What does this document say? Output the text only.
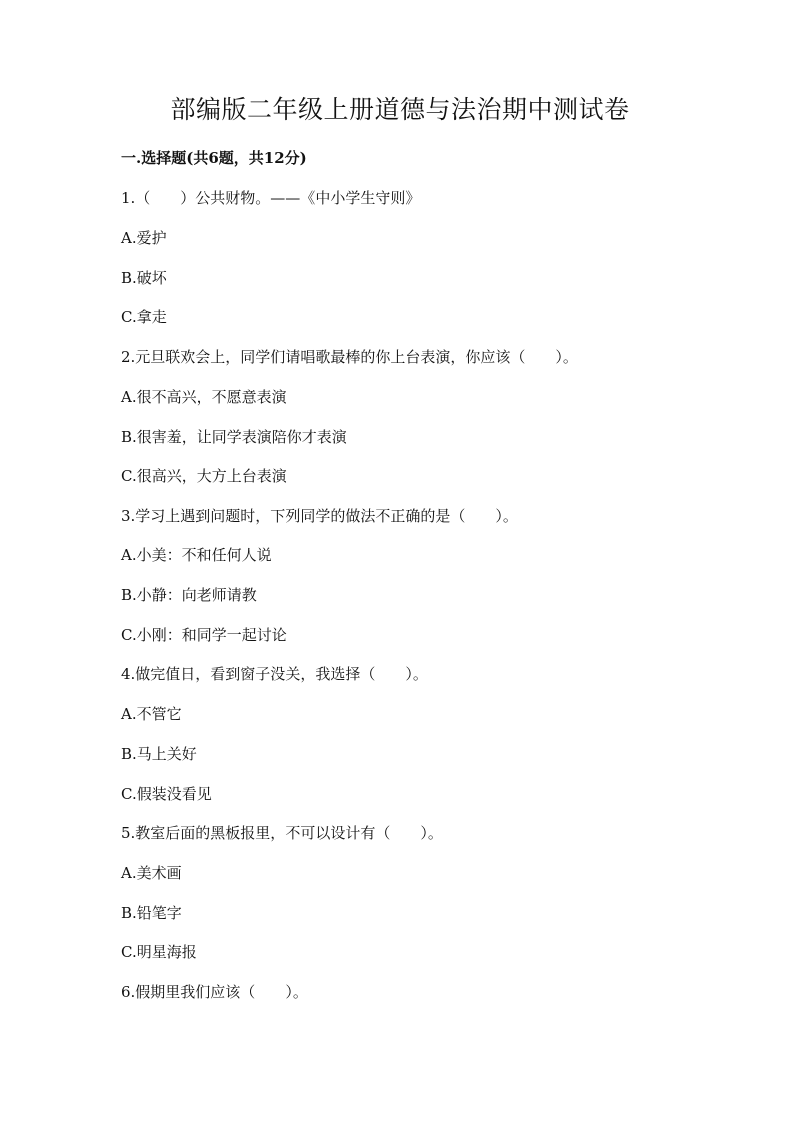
部编版二年级上册道德与法治期中测试卷
一.选择题(共6题，共12分)
1.（　　）公共财物。——《中小学生守则》
A.爱护
B.破坏
C.拿走
2.元旦联欢会上，同学们请唱歌最棒的你上台表演，你应该（　　）。
A.很不高兴，不愿意表演
B.很害羞，让同学表演陪你才表演
C.很高兴，大方上台表演
3.学习上遇到问题时，下列同学的做法不正确的是（　　）。
A.小美：不和任何人说
B.小静：向老师请教
C.小刚：和同学一起讨论
4.做完值日，看到窗子没关，我选择（　　）。
A.不管它
B.马上关好
C.假装没看见
5.教室后面的黑板报里，不可以设计有（　　）。
A.美术画
B.铅笔字
C.明星海报
6.假期里我们应该（　　）。
